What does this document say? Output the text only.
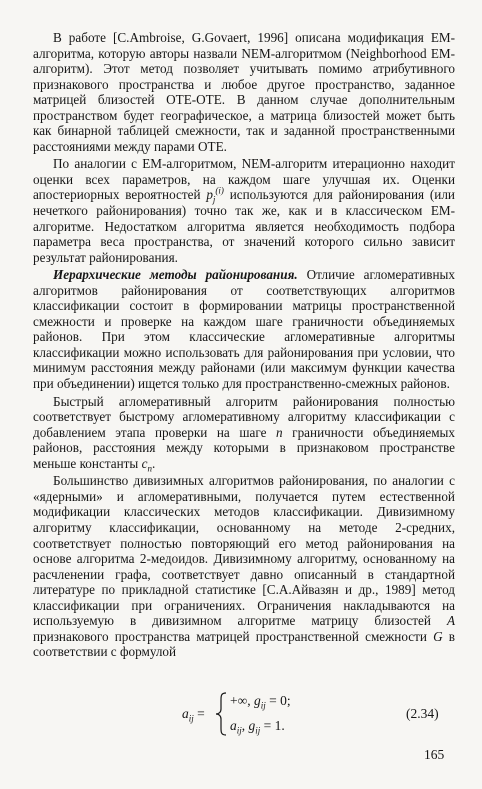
В работе [C.Ambroise, G.Govaert, 1996] описана модификация ЕМ-алгоритма, которую авторы назвали NEM-алгоритмом (Neighborhood EM-алгоритм). Этот метод позволяет учитывать помимо атрибутивного признакового пространства и любое другое пространство, заданное матрицей близостей ОТЕ-ОТЕ. В данном случае дополнительным пространством будет географическое, а матрица близостей может быть как бинарной таблицей смежности, так и заданной пространственными расстояниями между парами ОТЕ.

По аналогии с ЕМ-алгоритмом, NEM-алгоритм итерационно находит оценки всех параметров, на каждом шаге улучшая их. Оценки апостериорных вероятностей $p_j^{(i)}$ используются для районирования (или нечеткого районирования) точно так же, как и в классическом ЕМ-алгоритме. Недостатком алгоритма является необходимость подбора параметра веса пространства, от значений которого сильно зависит результат районирования.

Иерархические методы районирования. Отличие агломеративных алгоритмов районирования от соответствующих алгоритмов классификации состоит в формировании матрицы пространственной смежности и проверке на каждом шаге граничности объединяемых районов. При этом классические агломеративные алгоритмы классификации можно использовать для районирования при условии, что минимум расстояния между районами (или максимум функции качества при объединении) ищется только для пространственно-смежных районов.

Быстрый агломеративный алгоритм районирования полностью соответствует быстрому агломеративному алгоритму классификации с добавлением этапа проверки на шаге n граничности объединяемых районов, расстояния между которыми в признаковом пространстве меньше константы $c_n$.

Большинство дивизимных алгоритмов районирования, по аналогии с «ядерными» и агломеративными, получается путем естественной модификации классических методов классификации. Дивизимному алгоритму классификации, основанному на методе 2-средних, соответствует полностью повторяющий его метод районирования на основе алгоритма 2-медоидов. Дивизимному алгоритму, основанному на расчленении графа, соответствует давно описанный в стандартной литературе по прикладной статистике [С.А.Айвазян и др., 1989] метод классификации при ограничениях. Ограничения накладываются на используемую в дивизимном алгоритме матрицу близостей A признакового пространства матрицей пространственной смежности G в соответствии с формулой

$a_{ij}$ =
+∞, $g_{ij} = 0$;
$a_{ij}$, $g_{ij} = 1$.
(2.34)
165
